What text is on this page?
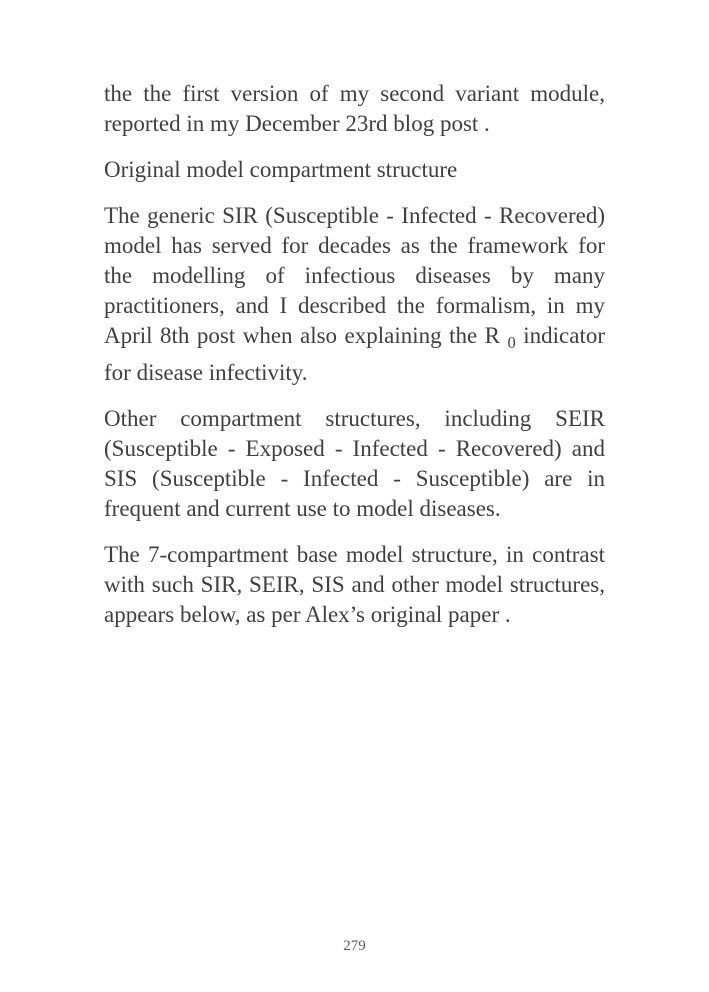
the the first version of my second variant module,
reported in my December 23rd blog post .
Original model compartment structure
The generic SIR (Susceptible - Infected - Recovered)
model has served for decades as the framework for
the modelling of infectious diseases by many
practitioners, and I described the formalism, in my
April 8th post when also explaining the R $_0$ indicator
for disease infectivity.
Other compartment structures, including SEIR
(Susceptible - Exposed - Infected - Recovered) and
SIS (Susceptible - Infected - Susceptible) are in
frequent and current use to model diseases.
The 7-compartment base model structure, in contrast
with such SIR, SEIR, SIS and other model structures,
appears below, as per Alex’s original paper .
279
